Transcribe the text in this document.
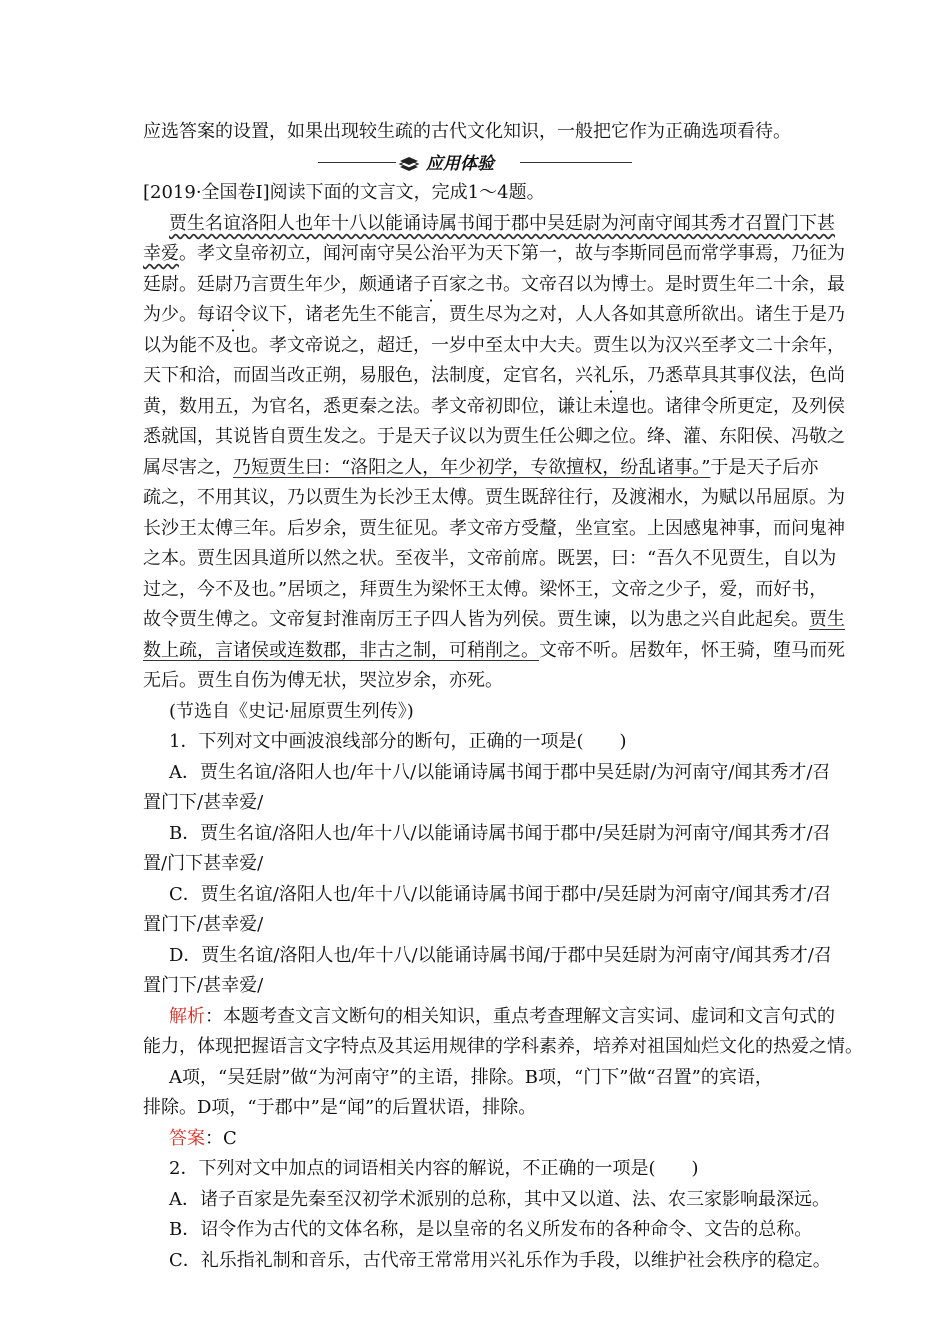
应选答案的设置，如果出现较生疏的古代文化知识，一般把它作为正确选项看待。
应用体验
[2019·全国卷Ⅰ]阅读下面的文言文，完成1～4题。
贾生名谊洛阳人也年十八以能诵诗属书闻于郡中吴廷尉为河南守闻其秀才召置门下甚
幸爱。孝文皇帝初立，闻河南守吴公治平为天下第一，故与李斯同邑而常学事焉，乃征为
廷尉。廷尉乃言贾生年少，颇通诸子百家之书。文帝召以为博士。是时贾生年二十余，最
为少。每诏令议下，诸老先生不能言，贾生尽为之对，人人各如其意所欲出。诸生于是乃
以为能不及也。孝文帝说之，超迁，一岁中至太中大夫。贾生以为汉兴至孝文二十余年，
天下和洽，而固当改正朔，易服色，法制度，定官名，兴礼乐，乃悉草具其事仪法，色尚
黄，数用五，为官名，悉更秦之法。孝文帝初即位，谦让未遑也。诸律令所更定，及列侯
悉就国，其说皆自贾生发之。于是天子议以为贾生任公卿之位。绛、灌、东阳侯、冯敬之
属尽害之，乃短贾生曰：“洛阳之人，年少初学，专欲擅权，纷乱诸事。”于是天子后亦
疏之，不用其议，乃以贾生为长沙王太傅。贾生既辞往行，及渡湘水，为赋以吊屈原。为
长沙王太傅三年。后岁余，贾生征见。孝文帝方受釐，坐宣室。上因感鬼神事，而问鬼神
之本。贾生因具道所以然之状。至夜半，文帝前席。既罢，曰：“吾久不见贾生，自以为
过之，今不及也。”居顷之，拜贾生为梁怀王太傅。梁怀王，文帝之少子，爱，而好书，
故令贾生傅之。文帝复封淮南厉王子四人皆为列侯。贾生谏，以为患之兴自此起矣。贾生
数上疏，言诸侯或连数郡，非古之制，可稍削之。文帝不听。居数年，怀王骑，堕马而死
无后。贾生自伤为傅无状，哭泣岁余，亦死。
(节选自《史记·屈原贾生列传》)
1．下列对文中画波浪线部分的断句，正确的一项是(　　)
A．贾生名谊/洛阳人也/年十八/以能诵诗属书闻于郡中吴廷尉/为河南守/闻其秀才/召
置门下/甚幸爱/
B．贾生名谊/洛阳人也/年十八/以能诵诗属书闻于郡中/吴廷尉为河南守/闻其秀才/召
置/门下甚幸爱/
C．贾生名谊/洛阳人也/年十八/以能诵诗属书闻于郡中/吴廷尉为河南守/闻其秀才/召
置门下/甚幸爱/
D．贾生名谊/洛阳人也/年十八/以能诵诗属书闻/于郡中吴廷尉为河南守/闻其秀才/召
置门下/甚幸爱/
解析：本题考查文言文断句的相关知识，重点考查理解文言实词、虚词和文言句式的
能力，体现把握语言文字特点及其运用规律的学科素养，培养对祖国灿烂文化的热爱之情。
A项，“吴廷尉”做“为河南守”的主语，排除。B项，“门下”做“召置”的宾语，
排除。D项，“于郡中”是“闻”的后置状语，排除。
答案：C
2．下列对文中加点的词语相关内容的解说，不正确的一项是(　　)
A．诸子百家是先秦至汉初学术派别的总称，其中又以道、法、农三家影响最深远。
B．诏令作为古代的文体名称，是以皇帝的名义所发布的各种命令、文告的总称。
C．礼乐指礼制和音乐，古代帝王常常用兴礼乐作为手段，以维护社会秩序的稳定。
